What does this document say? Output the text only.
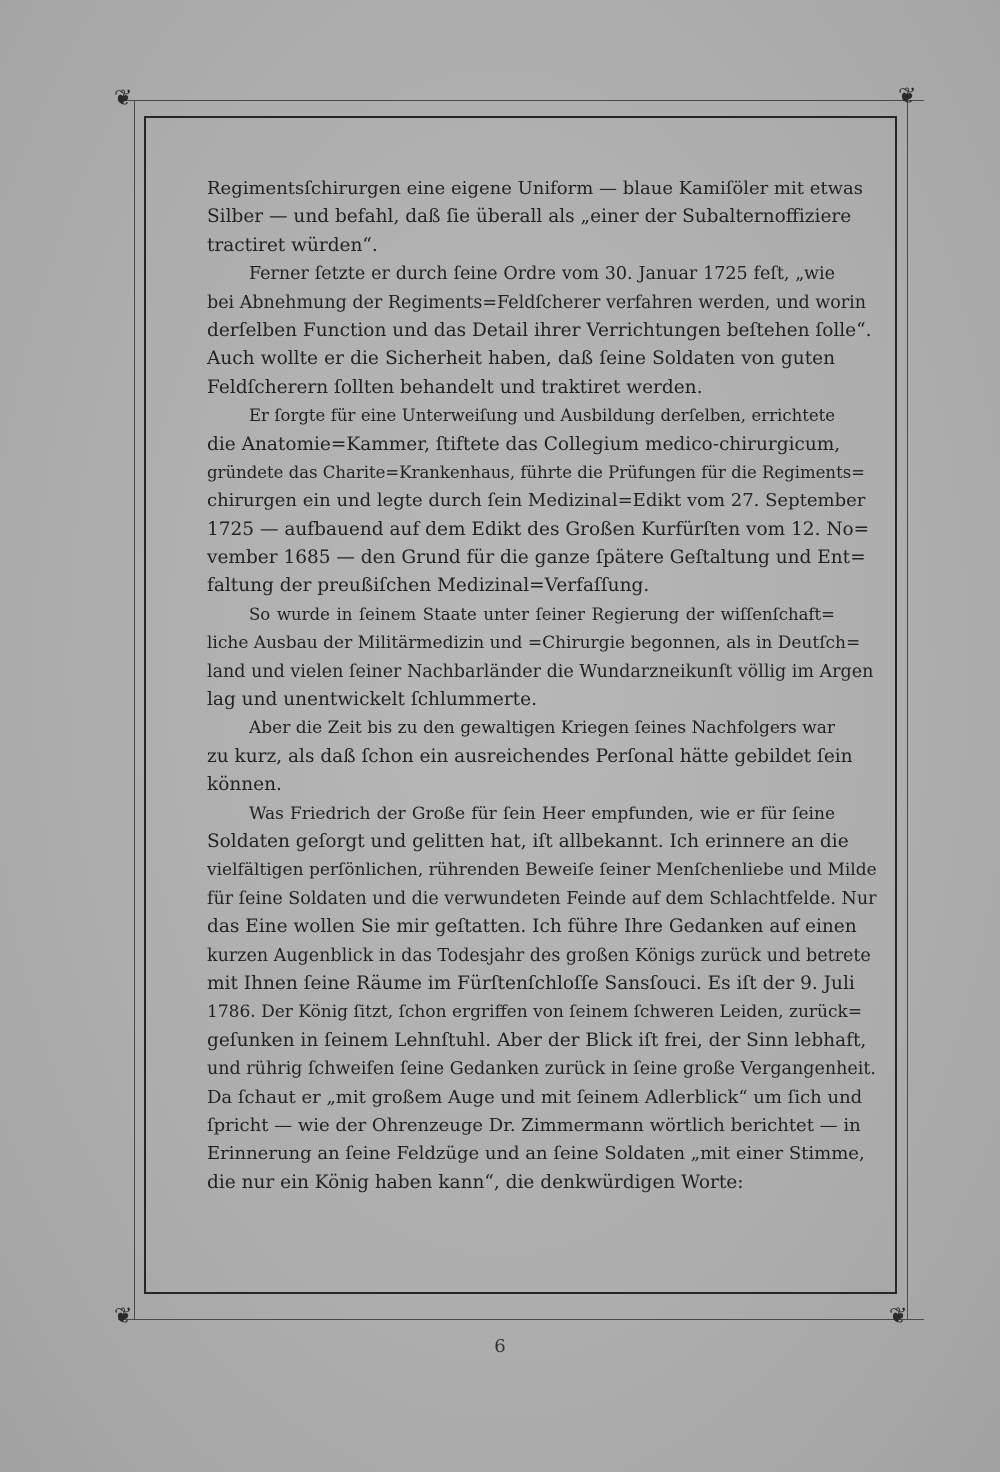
❦	❦
❦	❦
Regimentsſchirurgen eine eigene Uniform — blaue Kamiſöler mit etwas
Silber — und befahl, daß ſie überall als „einer der Subalternoffiziere
tractiret würden“.
Ferner ſetzte er durch ſeine Ordre vom 30. Januar 1725 feſt, „wie
bei Abnehmung der Regiments=Feldſcherer verfahren werden, und worin
derſelben Function und das Detail ihrer Verrichtungen beſtehen ſolle“.
Auch wollte er die Sicherheit haben, daß ſeine Soldaten von guten
Feldſcherern ſollten behandelt und traktiret werden.
Er ſorgte für eine Unterweiſung und Ausbildung derſelben, errichtete
die Anatomie=Kammer, ſtiftete das Collegium medico-chirurgicum,
gründete das Charite=Krankenhaus, führte die Prüfungen für die Regiments=
chirurgen ein und legte durch ſein Medizinal=Edikt vom 27. September
1725 — aufbauend auf dem Edikt des Großen Kurfürſten vom 12. No=
vember 1685 — den Grund für die ganze ſpätere Geſtaltung und Ent=
faltung der preußiſchen Medizinal=Verfaſſung.
So wurde in ſeinem Staate unter ſeiner Regierung der wiſſenſchaft=
liche Ausbau der Militärmedizin und =Chirurgie begonnen, als in Deutſch=
land und vielen ſeiner Nachbarländer die Wundarzneikunſt völlig im Argen
lag und unentwickelt ſchlummerte.
Aber die Zeit bis zu den gewaltigen Kriegen ſeines Nachfolgers war
zu kurz, als daß ſchon ein ausreichendes Perſonal hätte gebildet ſein
können.
Was Friedrich der Große für ſein Heer empfunden, wie er für ſeine
Soldaten geſorgt und gelitten hat, iſt allbekannt. Ich erinnere an die
vielfältigen perſönlichen, rührenden Beweiſe ſeiner Menſchenliebe und Milde
für ſeine Soldaten und die verwundeten Feinde auf dem Schlachtfelde. Nur
das Eine wollen Sie mir geſtatten. Ich führe Ihre Gedanken auf einen
kurzen Augenblick in das Todesjahr des großen Königs zurück und betrete
mit Ihnen ſeine Räume im Fürſtenſchloſſe Sansſouci. Es iſt der 9. Juli
1786. Der König ſitzt, ſchon ergriffen von ſeinem ſchweren Leiden, zurück=
geſunken in ſeinem Lehnſtuhl. Aber der Blick iſt frei, der Sinn lebhaft,
und rührig ſchweifen ſeine Gedanken zurück in ſeine große Vergangenheit.
Da ſchaut er „mit großem Auge und mit ſeinem Adlerblick“ um ſich und
ſpricht — wie der Ohrenzeuge Dr. Zimmermann wörtlich berichtet — in
Erinnerung an ſeine Feldzüge und an ſeine Soldaten „mit einer Stimme,
die nur ein König haben kann“, die denkwürdigen Worte:
6
